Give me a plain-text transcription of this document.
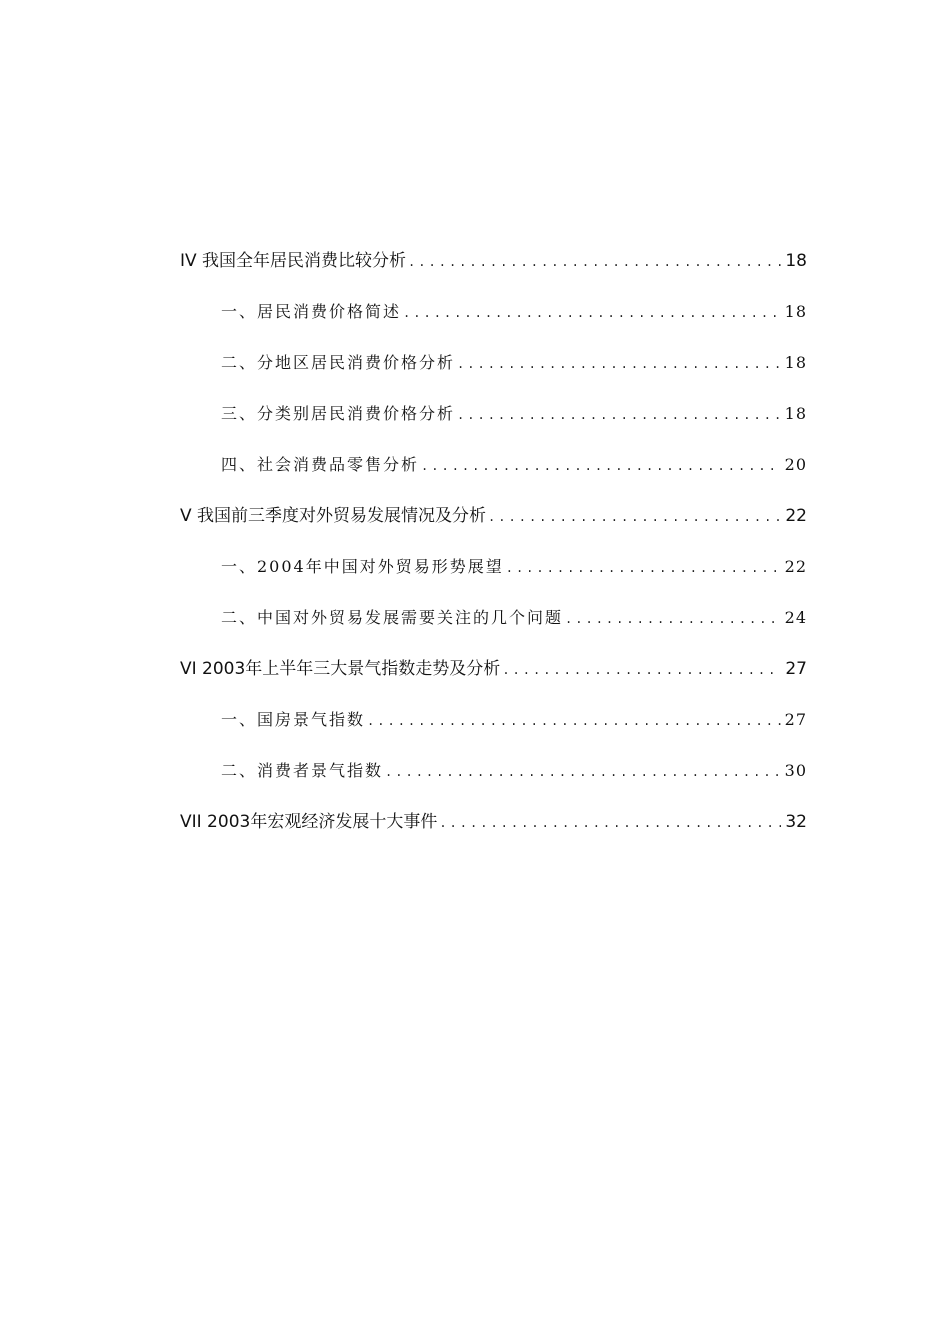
IV 我国全年居民消费比较分析 .....	18
一、居民消费价格简述 .....	18
二、分地区居民消费价格分析 .....	18
三、分类别居民消费价格分析 .....	18
四、社会消费品零售分析 .....	20
V 我国前三季度对外贸易发展情况及分析 .....	22
一、2004年中国对外贸易形势展望 .....	22
二、中国对外贸易发展需要关注的几个问题 .....	24
VI 2003年上半年三大景气指数走势及分析 .....	27
一、国房景气指数 .....	27
二、消费者景气指数 .....	30
VII 2003年宏观经济发展十大事件 .....	32
